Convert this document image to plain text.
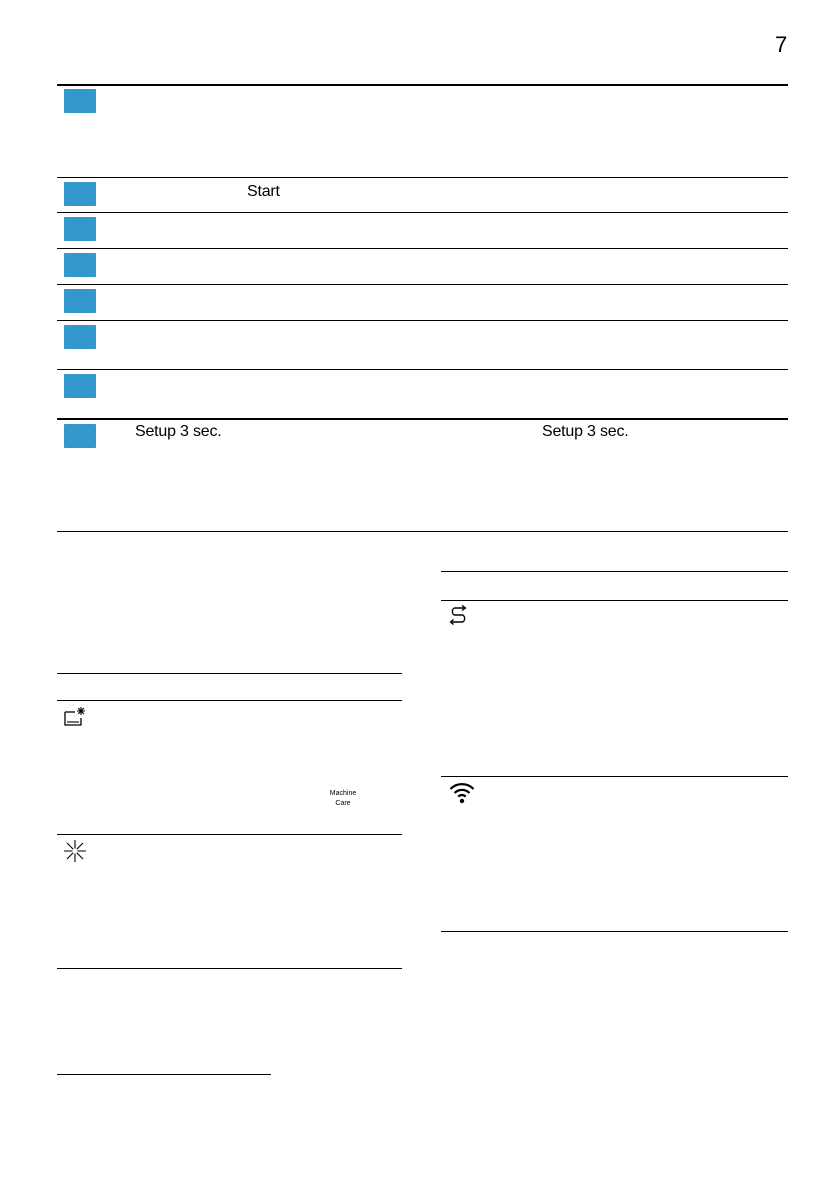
7
Start
Setup 3 sec.	Setup 3 sec.
Machine
Care
